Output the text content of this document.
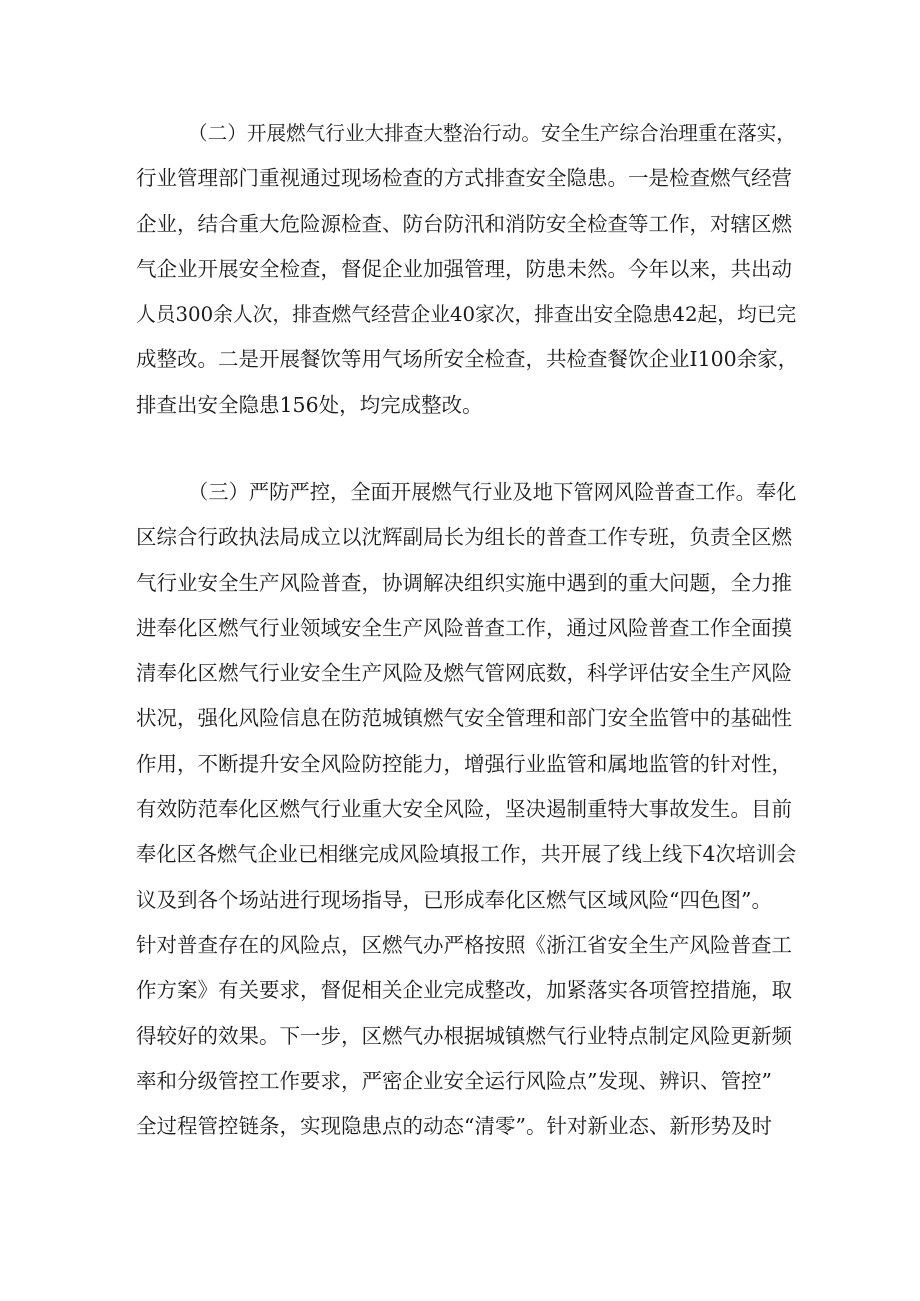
（二）开展燃气行业大排查大整治行动。安全生产综合治理重在落实，
行业管理部门重视通过现场检查的方式排查安全隐患。一是检查燃气经营
企业，结合重大危险源检查、防台防汛和消防安全检查等工作，对辖区燃
气企业开展安全检查，督促企业加强管理，防患未然。今年以来，共出动
人员300余人次，排查燃气经营企业40家次，排查出安全隐患42起，均已完
成整改。二是开展餐饮等用气场所安全检查，共检查餐饮企业I100余家，
排查出安全隐患156处，均完成整改。
（三）严防严控，全面开展燃气行业及地下管网风险普查工作。奉化
区综合行政执法局成立以沈辉副局长为组长的普查工作专班，负责全区燃
气行业安全生产风险普查，协调解决组织实施中遇到的重大问题，全力推
进奉化区燃气行业领域安全生产风险普查工作，通过风险普查工作全面摸
清奉化区燃气行业安全生产风险及燃气管网底数，科学评估安全生产风险
状况，强化风险信息在防范城镇燃气安全管理和部门安全监管中的基础性
作用，不断提升安全风险防控能力，增强行业监管和属地监管的针对性，
有效防范奉化区燃气行业重大安全风险，坚决遏制重特大事故发生。目前
奉化区各燃气企业已相继完成风险填报工作，共开展了线上线下4次培训会
议及到各个场站进行现场指导，已形成奉化区燃气区域风险“四色图”。
针对普查存在的风险点，区燃气办严格按照《浙江省安全生产风险普查工
作方案》有关要求，督促相关企业完成整改，加紧落实各项管控措施，取
得较好的效果。下一步，区燃气办根据城镇燃气行业特点制定风险更新频
率和分级管控工作要求，严密企业安全运行风险点”发现、辨识、管控”
全过程管控链条，实现隐患点的动态“清零”。针对新业态、新形势及时
